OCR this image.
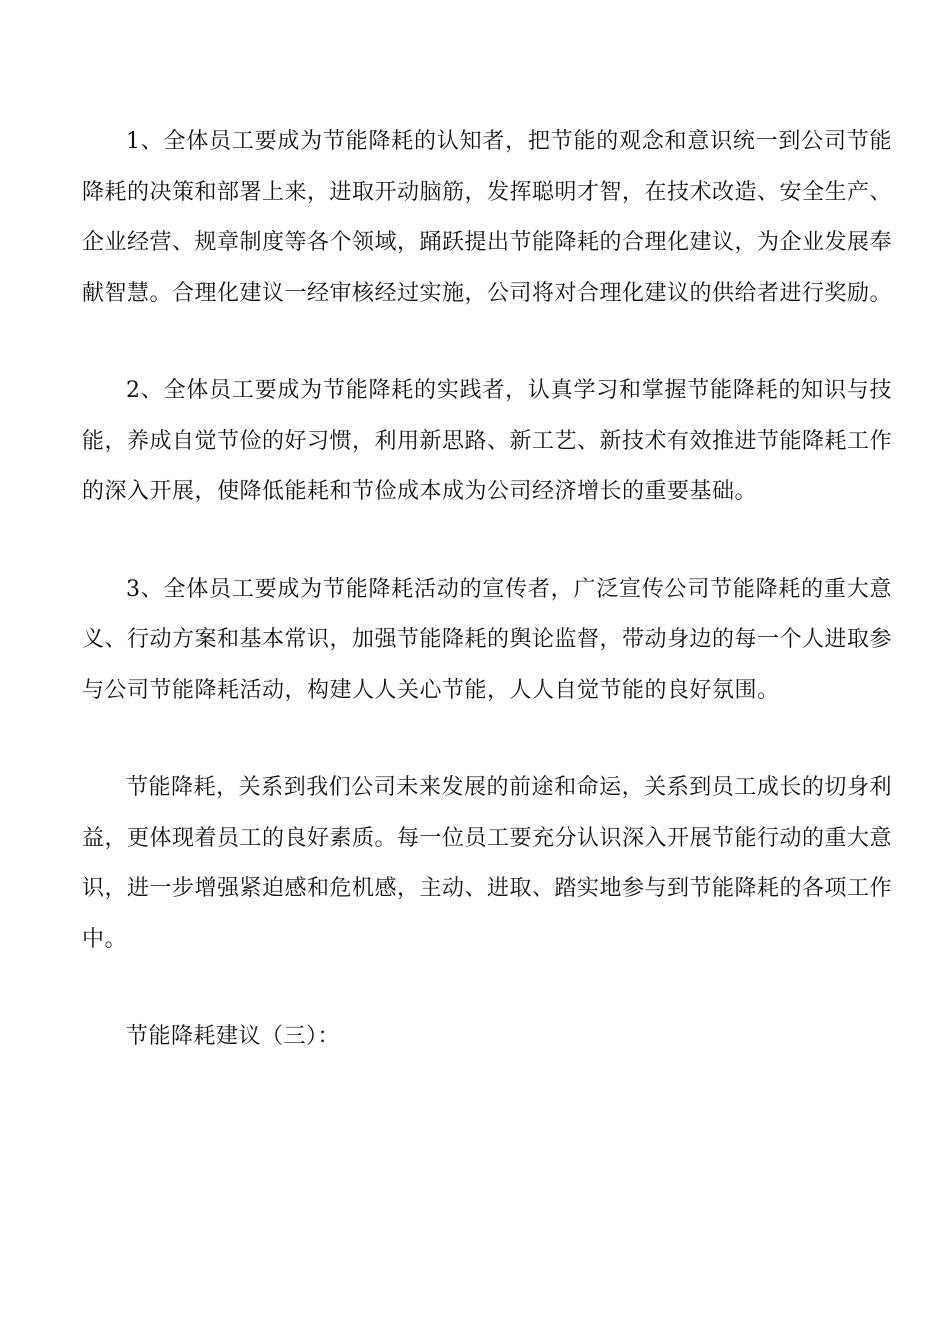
1、全体员工要成为节能降耗的认知者，把节能的观念和意识统一到公司节能降耗的决策和部署上来，进取开动脑筋，发挥聪明才智，在技术改造、安全生产、企业经营、规章制度等各个领域，踊跃提出节能降耗的合理化建议，为企业发展奉献智慧。合理化建议一经审核经过实施，公司将对合理化建议的供给者进行奖励。

2、全体员工要成为节能降耗的实践者，认真学习和掌握节能降耗的知识与技能，养成自觉节俭的好习惯，利用新思路、新工艺、新技术有效推进节能降耗工作的深入开展，使降低能耗和节俭成本成为公司经济增长的重要基础。

3、全体员工要成为节能降耗活动的宣传者，广泛宣传公司节能降耗的重大意义、行动方案和基本常识，加强节能降耗的舆论监督，带动身边的每一个人进取参与公司节能降耗活动，构建人人关心节能，人人自觉节能的良好氛围。

节能降耗，关系到我们公司未来发展的前途和命运，关系到员工成长的切身利益，更体现着员工的良好素质。每一位员工要充分认识深入开展节能行动的重大意识，进一步增强紧迫感和危机感，主动、进取、踏实地参与到节能降耗的各项工作中。

节能降耗建议（三）：
